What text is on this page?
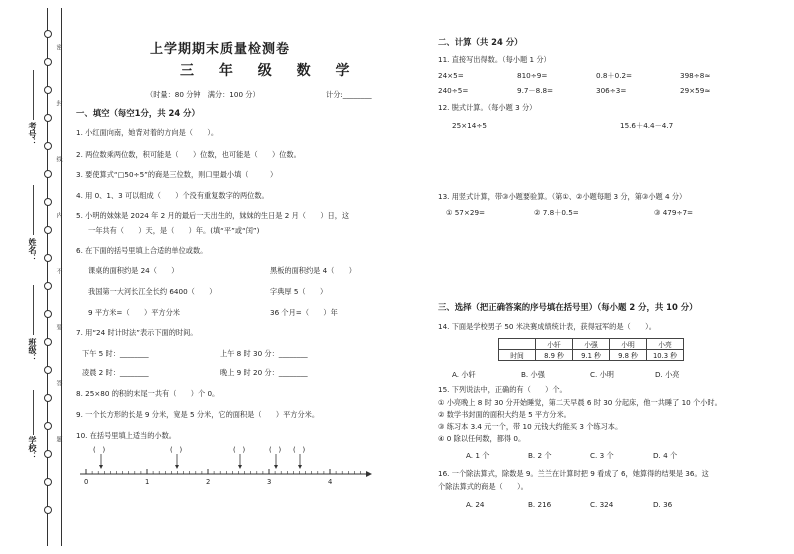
密
封
线
内
不
要
答
题
考号：
姓名：
班级：
学校：
上学期期末质量检测卷
三 年 级 数 学
（时量：80 分钟　满分：100 分）	计分:________
一、填空（每空1分，共 24 分）
1. 小红面向南，她背对着的方向是（　　）。
2. 两位数乘两位数，积可能是（　　）位数，也可能是（　　）位数。
3. 要使算式“□50÷5”的商是三位数，则口里最小填（　　　）
4. 用 0、1、3 可以组成（　　）个没有重复数字的两位数。
5. 小明的妹妹是 2024 年 2 月的最后一天出生的，妹妹的生日是 2 月（　　）日，这
一年共有（　　）天，是（　　）年。(填“平”或“闰”)
6. 在下面的括号里填上合适的单位或数。
课桌的面积约是 24（　　）	黑板的面积约是 4（　　）
我国第一大河长江全长约 6400（　　）	字典厚 5（　　）
9 平方米=（　　）平方分米	36 个月=（　　）年
7. 用“24 时计时法”表示下面的时间。
下午 5 时：________	上午 8 时 30 分：________
凌晨 2 时：________	晚上 9 时 20 分：________
8. 25×80 的积的末尾一共有（　　）个 0。
9. 一个长方形的长是 9 分米，宽是 5 分米，它的面积是（　　）平方分米。
10. 在括号里填上适当的小数。
0	1	2	3	4
(　)	(　)	(　)	(　) (　)
二、计算（共 24 分）
11. 直接写出得数。（每小题 1 分）
24×5=	810÷9=	0.8＋0.2=	398÷8≈
240÷5=	9.7－8.8=	306÷3=	29×59≈
12. 脱式计算。（每小题 3 分）
25×14÷5	15.6＋4.4－4.7
13. 用竖式计算，带③小题要验算。（第①、②小题每题 3 分，第③小题 4 分）
① 57×29=	② 7.8＋0.5=	③ 479÷7=
三、选择（把正确答案的序号填在括号里）（每小题 2 分，共 10 分）
14. 下面是学校男子 50 米决赛成绩统计表，获得冠军的是（　　）。
	小轩	小强	小明	小亮
时间	8.9 秒	9.1 秒	9.8 秒	10.3 秒
A. 小轩	B. 小强	C. 小明	D. 小亮
15. 下列说法中，正确的有（　　）个。
① 小亮晚上 8 时 30 分开始睡觉，第二天早晨 6 时 30 分起床，他一共睡了 10 个小时。
② 数学书封面的面积大约是 5 平方分米。
③ 练习本 3.4 元一个，带 10 元钱大约能买 3 个练习本。
④ 0 除以任何数，都得 0。
A. 1 个	B. 2 个	C. 3 个	D. 4 个
16. 一个除法算式，除数是 9。兰兰在计算时把 9 看成了 6，她算得的结果是 36。这
个除法算式的商是（　　）。
A. 24	B. 216	C. 324	D. 36
